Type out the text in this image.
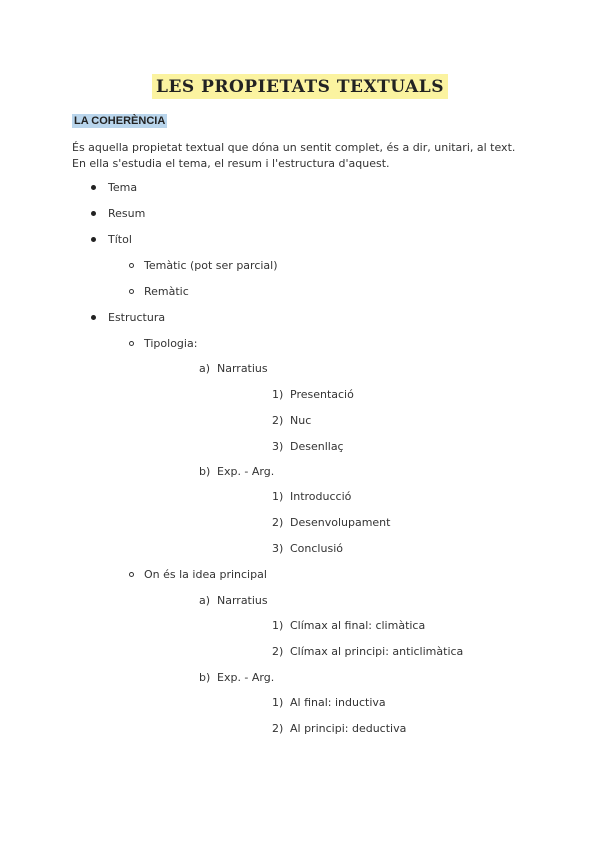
LES PROPIETATS TEXTUALS
LA COHERÈNCIA
És aquella propietat textual que dóna un sentit complet, és a dir, unitari, al text. En ella s'estudia el tema, el resum i l'estructura d'aquest.
Tema
Resum
Títol
Temàtic (pot ser parcial)
Remàtic
Estructura
Tipologia:
a) Narratius
1) Presentació
2) Nuc
3) Desenllaç
b) Exp. - Arg.
1) Introducció
2) Desenvolupament
3) Conclusió
On és la idea principal
a) Narratius
1) Clímax al final: climàtica
2) Clímax al principi: anticlimàtica
b) Exp. - Arg.
1) Al final: inductiva
2) Al principi: deductiva
